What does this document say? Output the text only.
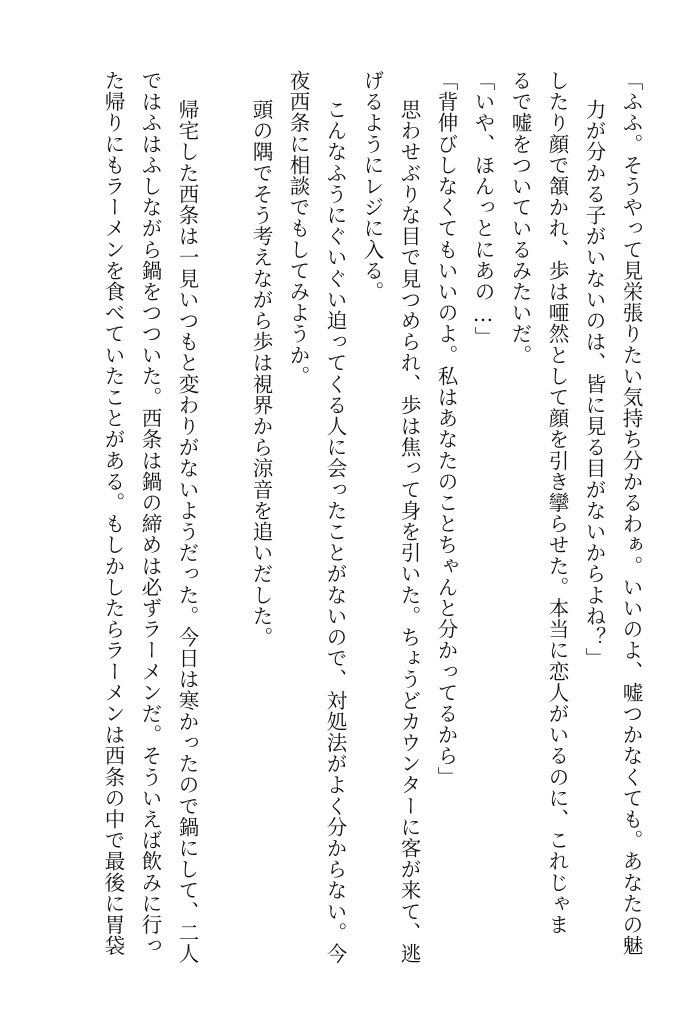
「ふふ。そうやって見栄張りたい気持ち分かるわぁ。いいのよ、嘘つかなくても。あなたの魅
力が分かる子がいないのは、皆に見る目がないからよね？」
したり顔で頷かれ、歩は唖然として顔を引き攣らせた。本当に恋人がいるのに、これじゃま
るで嘘をついているみたいだ。
「いや、ほんっとにあの…」
「背伸びしなくてもいいのよ。私はあなたのことちゃんと分かってるから」
思わせぶりな目で見つめられ、歩は焦って身を引いた。ちょうどカウンターに客が来て、逃
げるようにレジに入る。
こんなふうにぐいぐい迫ってくる人に会ったことがないので、対処法がよく分からない。今
夜西条に相談でもしてみようか。
頭の隅でそう考えながら歩は視界から涼音を追いだした。
帰宅した西条は一見いつもと変わりがないようだった。今日は寒かったので鍋にして、二人
ではふはふしながら鍋をつついた。西条は鍋の締めは必ずラーメンだ。そういえば飲みに行っ
た帰りにもラーメンを食べていたことがある。もしかしたらラーメンは西条の中で最後に胃袋
